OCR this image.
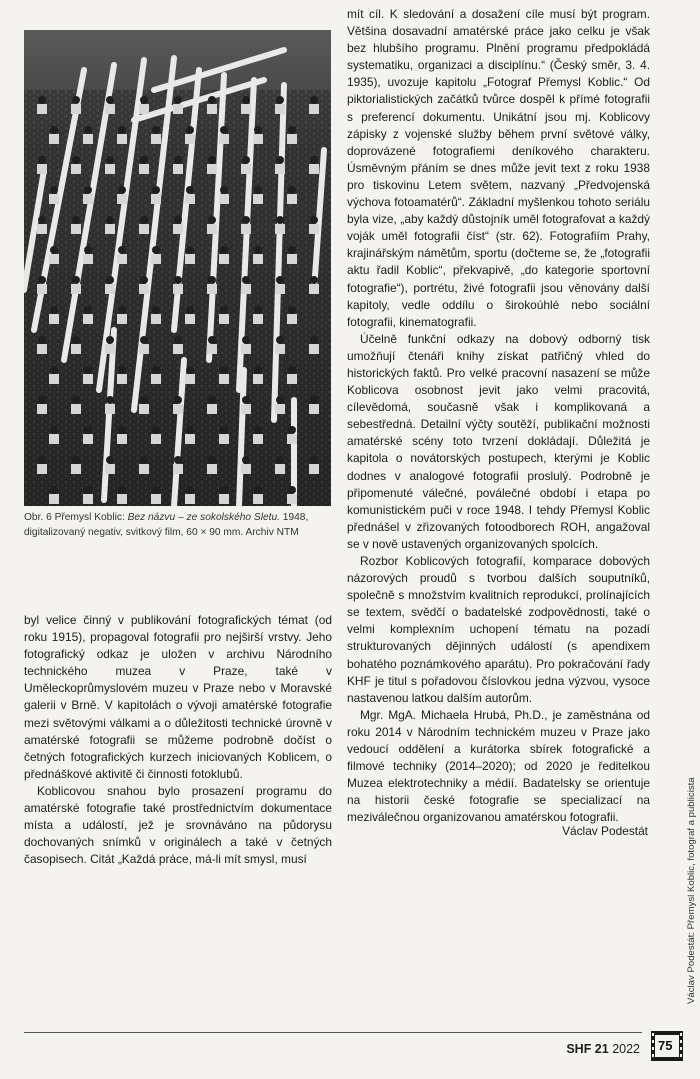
Obr. 6 Přemysl Koblic: Bez názvu – ze sokolského Sletu. 1948, digitalizovaný negativ, svitkový film, 60 × 90 mm. Archiv NTM

byl velice činný v publikování fotografických témat (od roku 1915), propagoval fotografii pro nejširší vrstvy. Jeho fotografický odkaz je uložen v archivu Národního technického muzea v Praze, také v Uměleckoprůmyslovém muzeu v Praze nebo v Moravské galerii v Brně. V kapitolách o vývoji amatérské fotografie mezi světovými válkami a o důležitosti technické úrovně v amatérské fotografii se můžeme podrobně dočíst o četných fotografických kurzech iniciovaných Koblicem, o přednáškové aktivitě či činnosti fotoklubů.

Koblicovou snahou bylo prosazení programu do amatérské fotografie také prostřednictvím dokumentace místa a událostí, jež je srovnáváno na půdorysu dochovaných snímků v originálech a také v četných časopisech. Citát „Každá práce, má-li mít smysl, musí

mít cíl. K sledování a dosažení cíle musí být program. Většina dosavadní amatérské práce jako celku je však bez hlubšího programu. Plnění programu předpokládá systematiku, organizaci a disciplínu.“ (Český směr, 3. 4. 1935), uvozuje kapitolu „Fotograf Přemysl Koblic.“ Od piktorialistických začátků tvůrce dospěl k přímé fotografii s preferencí dokumentu. Unikátní jsou mj. Koblicovy zápisky z vojenské služby během první světové války, doprovázené fotografiemi deníkového charakteru. Úsměvným přáním se dnes může jevit text z roku 1938 pro tiskovinu Letem světem, nazvaný „Předvojenská výchova fotoamatérů“. Základní myšlenkou tohoto seriálu byla vize, „aby každý důstojník uměl fotografovat a každý voják uměl fotografii číst“ (str. 62). Fotografiím Prahy, krajinářským námětům, sportu (dočteme se, že „fotografii aktu řadil Koblic“, překvapivě, „do kategorie sportovní fotografie“), portrétu, živé fotografii jsou věnovány další kapitoly, vedle oddílu o širokoúhlé nebo sociální fotografii, kinematografii.

Účelně funkční odkazy na dobový odborný tisk umožňují čtenáři knihy získat patřičný vhled do historických faktů. Pro velké pracovní nasazení se může Koblicova osobnost jevit jako velmi pracovitá, cílevědomá, současně však i komplikovaná a sebestředná. Detailní výčty soutěží, publikační možnosti amatérské scény toto tvrzení dokládají. Důležitá je kapitola o novátorských postupech, kterými je Koblic dodnes v analogové fotografii proslulý. Podrobně je připomenuté válečné, poválečné období i etapa po komunistickém puči v roce 1948. I tehdy Přemysl Koblic přednášel v zřizovaných fotoodborech ROH, angažoval se v nově ustavených organizovaných spolcích.

Rozbor Koblicových fotografií, komparace dobových názorových proudů s tvorbou dalších souputníků, společně s množstvím kvalitních reprodukcí, prolínajících se textem, svědčí o badatelské zodpovědnosti, také o velmi komplexním uchopení tématu na pozadí strukturovaných dějinných událostí (s apendixem bohatého poznámkového aparátu). Pro pokračování řady KHF je titul s pořadovou číslovkou jedna výzvou, vysoce nastavenou latkou dalším autorům.

Mgr. MgA. Michaela Hrubá, Ph.D., je zaměstnána od roku 2014 v Národním technickém muzeu v Praze jako vedoucí oddělení a kurátorka sbírek fotografické a filmové techniky (2014–2020); od 2020 je ředitelkou Muzea elektrotechniky a médií. Badatelsky se orientuje na historii české fotografie se specializací na meziválečnou organizovanou amatérskou fotografii.

Václav Podestát	Václav Podestát: Přemysl Koblic, fotograf a publicista
SHF 21 2022 75
